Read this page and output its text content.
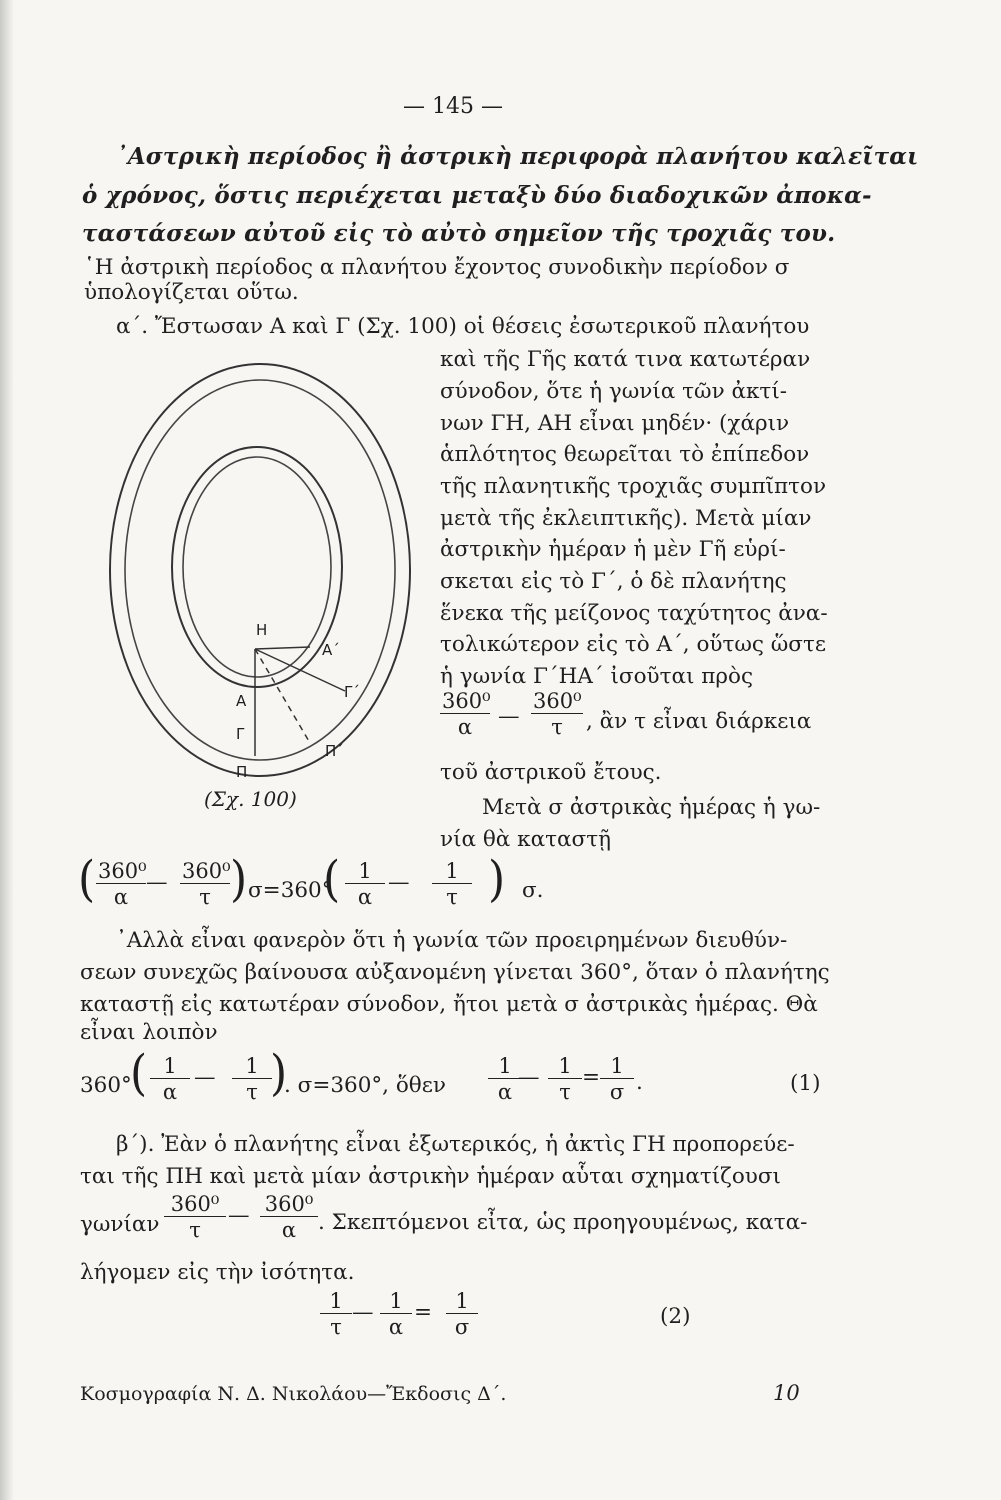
— 145 —
᾿Αστρικὴ περίοδος ἢ ἀστρικὴ περιφορὰ πλανήτου καλεῖται
ὁ χρόνος, ὅστις περιέχεται μεταξὺ δύο διαδοχικῶν ἀποκα-
ταστάσεων αὐτοῦ εἰς τὸ αὐτὸ σημεῖον τῆς τροχιᾶς του.
῾Η ἀστρικὴ περίοδος α πλανήτου ἔχοντος συνοδικὴν περίοδον σ
ὑπολογίζεται οὕτω.
α΄. Ἔστωσαν Α καὶ Γ (Σχ. 100) οἱ θέσεις ἐσωτερικοῦ πλανήτου
καὶ τῆς Γῆς κατά τινα κατωτέραν
σύνοδον, ὅτε ἡ γωνία τῶν ἀκτί-
νων ΓΗ, ΑΗ εἶναι μηδέν· (χάριν
ἁπλότητος θεωρεῖται τὸ ἐπίπεδον
τῆς πλανητικῆς τροχιᾶς συμπῖπτον
μετὰ τῆς ἐκλειπτικῆς). Μετὰ μίαν
ἀστρικὴν ἡμέραν ἡ μὲν Γῆ εὑρί-
σκεται εἰς τὸ Γ΄, ὁ δὲ πλανήτης
ἕνεκα τῆς μείζονος ταχύτητος ἀνα-
τολικώτερον εἰς τὸ Α΄, οὕτως ὥστε
ἡ γωνία Γ΄ΗΑ΄ ἰσοῦται πρὸς
$\frac{\text{360⁰}}{\alpha}$ — $\frac{\text{360⁰}}{\tau}$ , ἂν τ εἶναι διάρκεια
τοῦ ἀστρικοῦ ἔτους.
Μετὰ σ ἀστρικὰς ἡμέρας ἡ γω-
νία θὰ καταστῇ
Η
Α΄
Γ΄
Α
Γ
Π΄
Π
(Σχ. 100)
( $\frac{\text{360⁰}}{\alpha}$ — $\frac{\text{360⁰}}{\tau}$ ) σ=360°
( $\frac{1}{\alpha}$ — $\frac{1}{\tau}$ ) σ.
᾿Αλλὰ εἶναι φανερὸν ὅτι ἡ γωνία τῶν προειρημένων διευθύν-
σεων συνεχῶς βαίνουσα αὐξανομένη γίνεται 360°, ὅταν ὁ πλανήτης
καταστῇ εἰς κατωτέραν σύνοδον, ἤτοι μετὰ σ ἀστρικὰς ἡμέρας. Θὰ
εἶναι λοιπὸν
360°
( $\frac{1}{\alpha}$ — $\frac{1}{\tau}$
)
. σ=360°, ὅθεν $\frac{1}{\alpha}$
— $\frac{1}{\tau} = \frac{1}{\sigma}$ .	(1)
β΄). Ἐὰν ὁ πλανήτης εἶναι ἐξωτερικός, ἡ ἀκτὶς ΓΗ προπορεύε-
ται τῆς ΠΗ καὶ μετὰ μίαν ἀστρικὴν ἡμέραν αὗται σχηματίζουσι
γωνίαν $\frac{\text{360⁰}}{\tau}$ — $\frac{\text{360⁰}}{\alpha}$ . Σκεπτόμενοι εἶτα, ὡς προηγουμένως, κατα-
λήγομεν εἰς τὴν ἰσότητα.
$\frac{1}{\tau}$ — $\frac{1}{\alpha} = \frac{1}{\sigma}$	(2)
Κοσμογραφία Ν. Δ. Νικολάου—Ἔκδοσις Δ΄.	10
